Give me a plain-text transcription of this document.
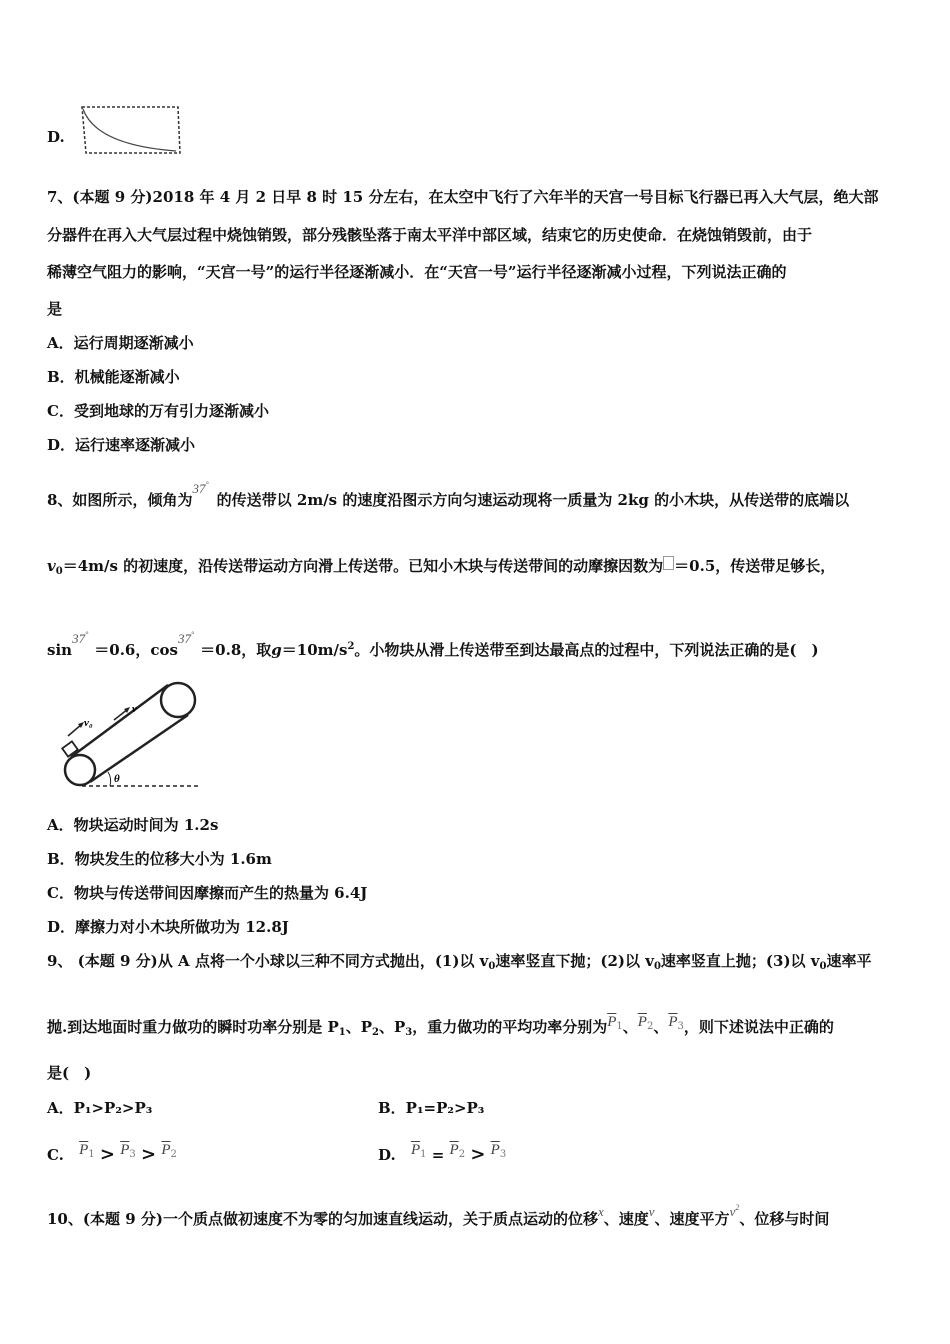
D.
7、(本题 9 分)2018 年 4 月 2 日早 8 时 15 分左右，在太空中飞行了六年半的天宫一号目标飞行器已再入大气层，绝大部
分器件在再入大气层过程中烧蚀销毁，部分残骸坠落于南太平洋中部区域，结束它的历史使命．在烧蚀销毁前，由于
稀薄空气阻力的影响，“天宫一号”的运行半径逐渐减小．在“天宫一号”运行半径逐渐减小过程，下列说法正确的
是
A．运行周期逐渐减小
B．机械能逐渐减小
C．受到地球的万有引力逐渐减小
D．运行速率逐渐减小
8、如图所示，倾角为37°的传送带以 2m/s 的速度沿图示方向匀速运动现将一质量为 2kg 的小木块，从传送带的底端以
$v_0=4m/s$ 的初速度，沿传送带运动方向滑上传送带。已知小木块与传送带间的动摩擦因数为 ＝0.5，传送带足够长，
sin37°＝0.6，cos37°＝0.8，取$g=10m/s^2$。小物块从滑上传送带至到达最高点的过程中，下列说法正确的是(　)
v₀
v
θ
A．物块运动时间为 1.2s
B．物块发生的位移大小为 1.6m
C．物块与传送带间因摩擦而产生的热量为 6.4J
D．摩擦力对小木块所做功为 12.8J
9、 (本题 9 分)从 A 点将一个小球以三种不同方式抛出，(1)以 $v_0$速率竖直下抛；(2)以 $v_0$速率竖直上抛；(3)以 $v_0$速率平
抛.到达地面时重力做功的瞬时功率分别是 $P_1$、$P_2$、$P_3$，重力做功的平均功率分别为$\overline{P}_1$、$\overline{P}_2$、$\overline{P}_3$，则下述说法中正确的
是(　)
A．P₁>P₂>P₃	B．P₁=P₂>P₃
C. $\overline{P}_1 > \overline{P}_3 > \overline{P}_2$	D. $\overline{P}_1 = \overline{P}_2 > \overline{P}_3$
10、(本题 9 分)一个质点做初速度不为零的匀加速直线运动，关于质点运动的位移x、速度v、速度平方$v^2$、位移与时间
